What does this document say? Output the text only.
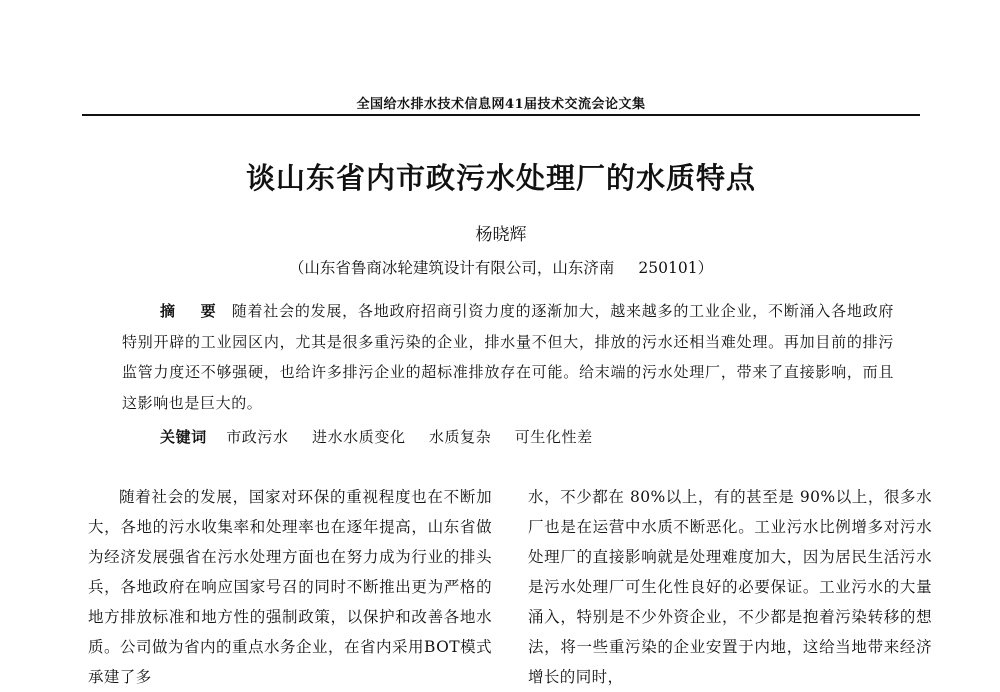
全国给水排水技术信息网41届技术交流会论文集
谈山东省内市政污水处理厂的水质特点
杨晓辉
（山东省鲁商冰轮建筑设计有限公司，山东济南 250101）
摘 要 随着社会的发展，各地政府招商引资力度的逐渐加大，越来越多的工业企业，不断涌入各地政府特别开辟的工业园区内，尤其是很多重污染的企业，排水量不但大，排放的污水还相当难处理。再加目前的排污监管力度还不够强硬，也给许多排污企业的超标准排放存在可能。给末端的污水处理厂，带来了直接影响，而且这影响也是巨大的。
关键词 市政污水 进水水质变化 水质复杂 可生化性差
随着社会的发展，国家对环保的重视程度也在不断加大，各地的污水收集率和处理率也在逐年提高，山东省做为经济发展强省在污水处理方面也在努力成为行业的排头兵，各地政府在响应国家号召的同时不断推出更为严格的地方排放标准和地方性的强制政策，以保护和改善各地水质。公司做为省内的重点水务企业，在省内采用BOT模式承建了多
水，不少都在 80%以上，有的甚至是 90%以上，很多水厂也是在运营中水质不断恶化。工业污水比例增多对污水处理厂的直接影响就是处理难度加大，因为居民生活污水是污水处理厂可生化性良好的必要保证。工业污水的大量涌入，特别是不少外资企业，不少都是抱着污染转移的想法，将一些重污染的企业安置于内地，这给当地带来经济增长的同时，
